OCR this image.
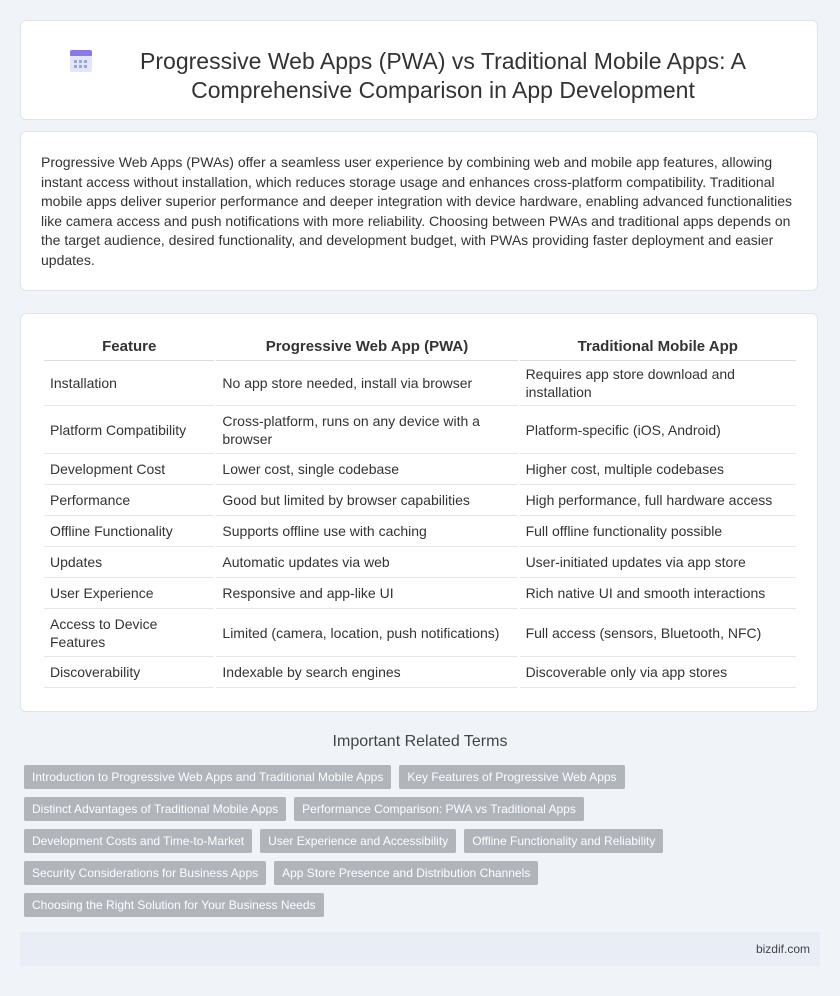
Progressive Web Apps (PWA) vs Traditional Mobile Apps: A Comprehensive Comparison in App Development

Progressive Web Apps (PWAs) offer a seamless user experience by combining web and mobile app features, allowing instant access without installation, which reduces storage usage and enhances cross-platform compatibility. Traditional mobile apps deliver superior performance and deeper integration with device hardware, enabling advanced functionalities like camera access and push notifications with more reliability. Choosing between PWAs and traditional apps depends on the target audience, desired functionality, and development budget, with PWAs providing faster deployment and easier updates.

Feature	Progressive Web App (PWA)	Traditional Mobile App
Installation	No app store needed, install via browser	Requires app store download and installation
Platform Compatibility	Cross-platform, runs on any device with a browser	Platform-specific (iOS, Android)
Development Cost	Lower cost, single codebase	Higher cost, multiple codebases
Performance	Good but limited by browser capabilities	High performance, full hardware access
Offline Functionality	Supports offline use with caching	Full offline functionality possible
Updates	Automatic updates via web	User-initiated updates via app store
User Experience	Responsive and app-like UI	Rich native UI and smooth interactions
Access to Device Features	Limited (camera, location, push notifications)	Full access (sensors, Bluetooth, NFC)
Discoverability	Indexable by search engines	Discoverable only via app stores
Important Related Terms
Introduction to Progressive Web Apps and Traditional Mobile Apps	Key Features of Progressive Web Apps
Distinct Advantages of Traditional Mobile Apps	Performance Comparison: PWA vs Traditional Apps
Development Costs and Time-to-Market	User Experience and Accessibility	Offline Functionality and Reliability
Security Considerations for Business Apps	App Store Presence and Distribution Channels
Choosing the Right Solution for Your Business Needs
bizdif.com
